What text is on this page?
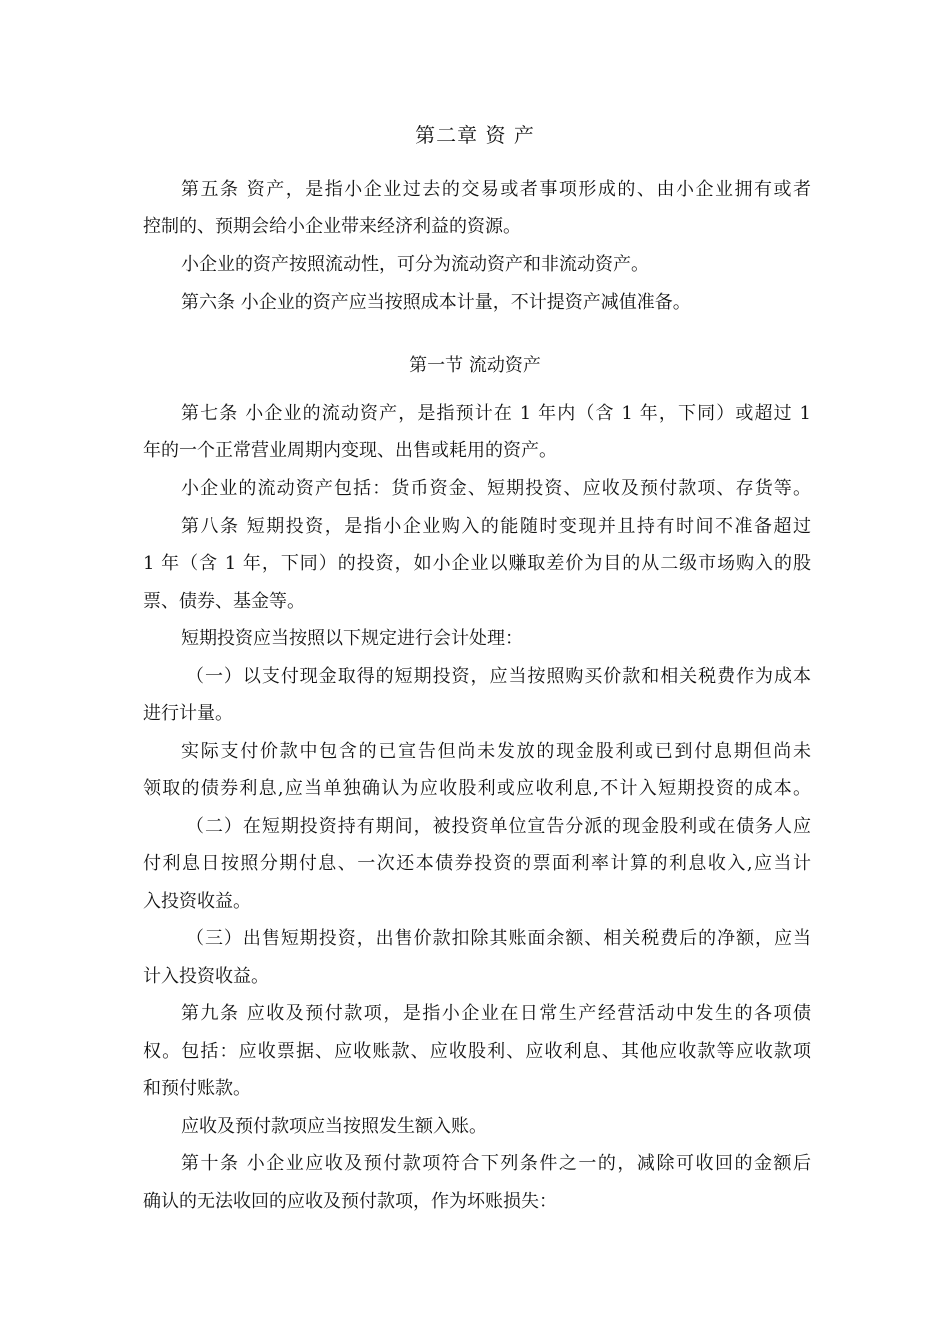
第二章 资 产
第五条 资产，是指小企业过去的交易或者事项形成的、由小企业拥有或者
控制的、预期会给小企业带来经济利益的资源。
小企业的资产按照流动性，可分为流动资产和非流动资产。
第六条 小企业的资产应当按照成本计量，不计提资产减值准备。
第一节 流动资产
第七条 小企业的流动资产，是指预计在 1 年内（含 1 年，下同）或超过 1
年的一个正常营业周期内变现、出售或耗用的资产。
小企业的流动资产包括：货币资金、短期投资、应收及预付款项、存货等。
第八条 短期投资，是指小企业购入的能随时变现并且持有时间不准备超过
1 年（含 1 年，下同）的投资，如小企业以赚取差价为目的从二级市场购入的股
票、债券、基金等。
短期投资应当按照以下规定进行会计处理：
（一）以支付现金取得的短期投资，应当按照购买价款和相关税费作为成本
进行计量。
实际支付价款中包含的已宣告但尚未发放的现金股利或已到付息期但尚未
领取的债券利息,应当单独确认为应收股利或应收利息,不计入短期投资的成本。
（二）在短期投资持有期间，被投资单位宣告分派的现金股利或在债务人应
付利息日按照分期付息、一次还本债券投资的票面利率计算的利息收入,应当计
入投资收益。
（三）出售短期投资，出售价款扣除其账面余额、相关税费后的净额，应当
计入投资收益。
第九条 应收及预付款项，是指小企业在日常生产经营活动中发生的各项债
权。包括：应收票据、应收账款、应收股利、应收利息、其他应收款等应收款项
和预付账款。
应收及预付款项应当按照发生额入账。
第十条 小企业应收及预付款项符合下列条件之一的，减除可收回的金额后
确认的无法收回的应收及预付款项，作为坏账损失：
